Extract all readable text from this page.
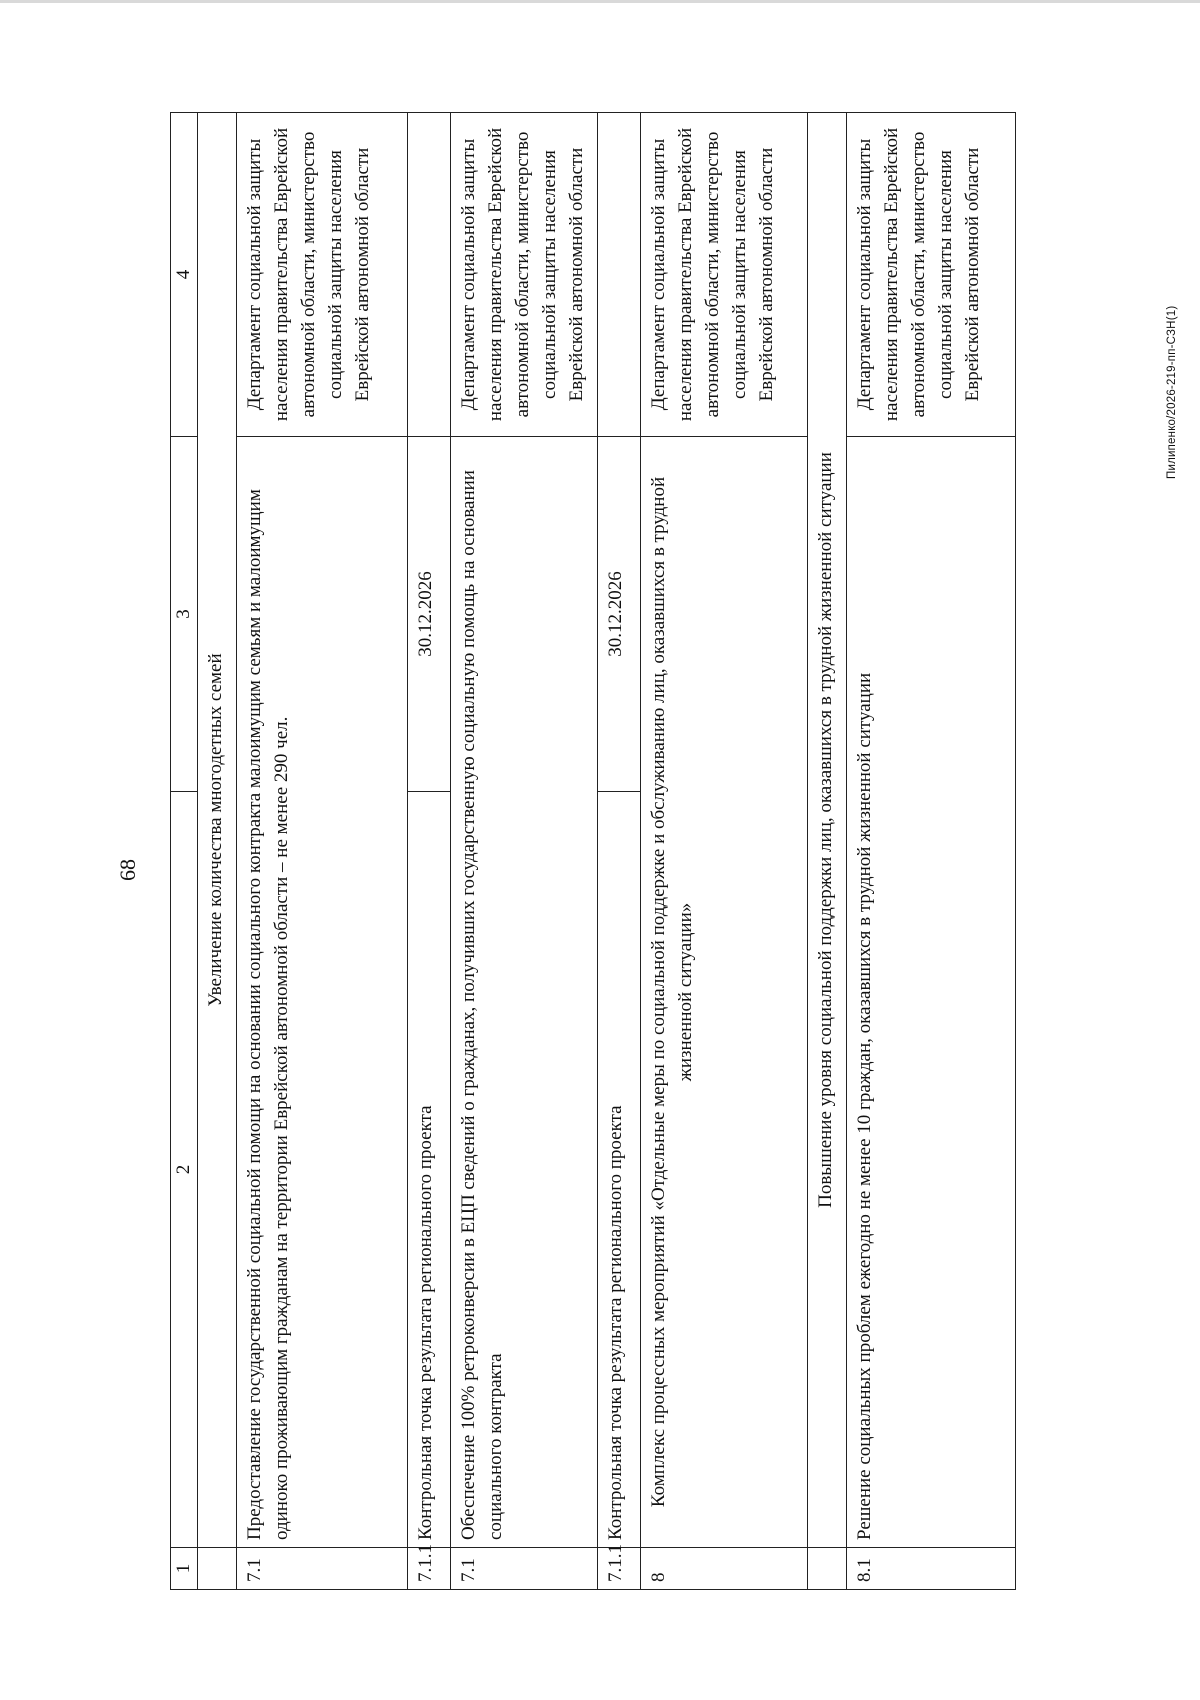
68
Пилипенко/2026-219-пп-СЗН(1)
1	2	3	4
	Увеличение количества многодетных семей		
7.1	Предоставление государственной социальной помощи на основании социального контракта малоимущим семьям и малоимущим одиноко проживающим гражданам на территории Еврейской автономной области – не менее 290 чел.		Департамент социальной защиты населения правительства Еврейской автономной области, министерство социальной защиты населения Еврейской автономной области
7.1.1	Контрольная точка результата регионального проекта	30.12.2026	
7.1	Обеспечение 100% ретроконверсии в ЕЦП сведений о гражданах, получивших государственную социальную помощь на основании социального контракта		Департамент социальной защиты населения правительства Еврейской автономной области, министерство социальной защиты населения Еврейской автономной области
7.1.1	Контрольная точка результата регионального проекта	30.12.2026	
8	Комплекс процессных мероприятий «Отдельные меры по социальной поддержке и обслуживанию лиц, оказавшихся в трудной жизненной ситуации»		Департамент социальной защиты населения правительства Еврейской автономной области, министерство социальной защиты населения Еврейской автономной области
	Повышение уровня социальной поддержки лиц, оказавшихся в трудной жизненной ситуации		
8.1	Решение социальных проблем ежегодно не менее 10 граждан, оказавшихся в трудной жизненной ситуации		Департамент социальной защиты населения правительства Еврейской автономной области, министерство социальной защиты населения Еврейской автономной области
